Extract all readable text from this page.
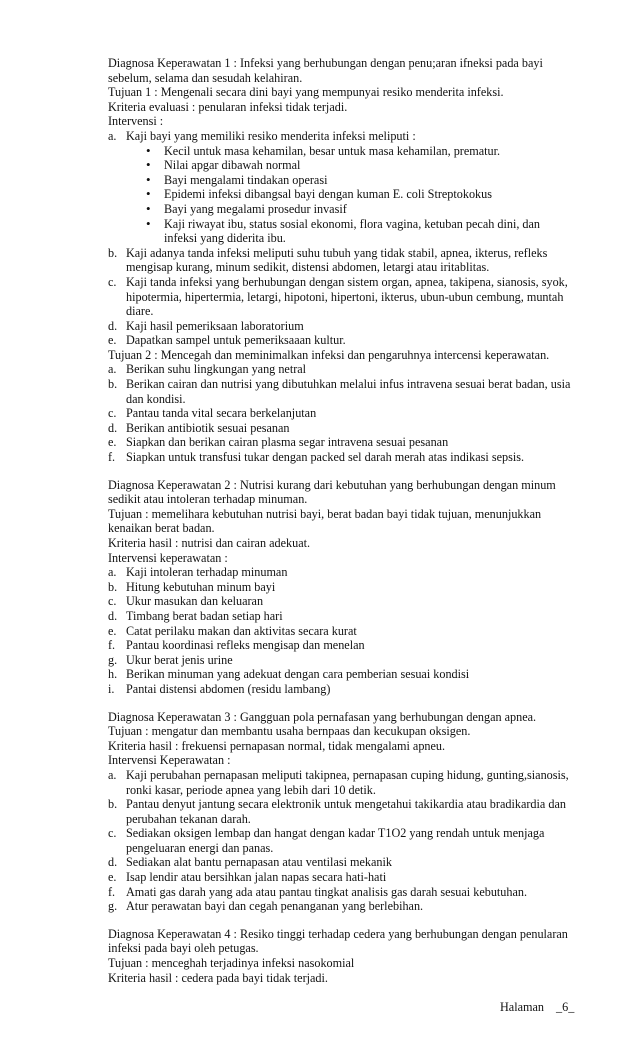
Diagnosa Keperawatan 1 : Infeksi yang berhubungan dengan penu;aran ifneksi pada bayi sebelum, selama dan sesudah kelahiran.

Tujuan 1 : Mengenali secara dini bayi yang mempunyai resiko menderita infeksi.

Kriteria evaluasi : penularan infeksi tidak terjadi.

Intervensi :

a. Kaji bayi yang memiliki resiko menderita infeksi meliputi :
• Kecil untuk masa kehamilan, besar untuk masa kehamilan, prematur.
• Nilai apgar dibawah normal
• Bayi mengalami tindakan operasi
• Epidemi infeksi dibangsal bayi dengan kuman E. coli Streptokokus
• Bayi yang megalami prosedur invasif
• Kaji riwayat ibu, status sosial ekonomi, flora vagina, ketuban pecah dini, dan infeksi yang diderita ibu.
b. Kaji adanya tanda infeksi meliputi suhu tubuh yang tidak stabil, apnea, ikterus, refleks mengisap kurang, minum sedikit, distensi abdomen, letargi atau iritablitas.
c. Kaji tanda infeksi yang berhubungan dengan sistem organ, apnea, takipena, sianosis, syok, hipotermia, hipertermia, letargi, hipotoni, hipertoni, ikterus, ubun-ubun cembung, muntah diare.
d. Kaji hasil pemeriksaan laboratorium
e. Dapatkan sampel untuk pemeriksaaan kultur.

Tujuan 2 : Mencegah dan meminimalkan infeksi dan pengaruhnya intercensi keperawatan.

a. Berikan suhu lingkungan yang netral
b. Berikan cairan dan nutrisi yang dibutuhkan melalui infus intravena sesuai berat badan, usia dan kondisi.
c. Pantau tanda vital secara berkelanjutan
d. Berikan antibiotik sesuai pesanan
e. Siapkan dan berikan cairan plasma segar intravena sesuai pesanan
f. Siapkan untuk transfusi tukar dengan packed sel darah merah atas indikasi sepsis.

Diagnosa Keperawatan 2 : Nutrisi kurang dari kebutuhan yang berhubungan dengan minum sedikit atau intoleran terhadap minuman.

Tujuan : memelihara kebutuhan nutrisi bayi, berat badan bayi tidak tujuan, menunjukkan kenaikan berat badan.

Kriteria hasil : nutrisi dan cairan adekuat.

Intervensi keperawatan :

a. Kaji intoleran terhadap minuman
b. Hitung kebutuhan minum bayi
c. Ukur masukan dan keluaran
d. Timbang berat badan setiap hari
e. Catat perilaku makan dan aktivitas secara kurat
f. Pantau koordinasi refleks mengisap dan menelan
g. Ukur berat jenis urine
h. Berikan minuman yang adekuat dengan cara pemberian sesuai kondisi
i. Pantai distensi abdomen (residu lambang)

Diagnosa Keperawatan 3 : Gangguan pola pernafasan yang berhubungan dengan apnea.

Tujuan : mengatur dan membantu usaha bernpaas dan kecukupan oksigen.

Kriteria hasil : frekuensi pernapasan normal, tidak mengalami apneu.

Intervensi Keperawatan :

a. Kaji perubahan pernapasan meliputi takipnea, pernapasan cuping hidung, gunting,sianosis, ronki kasar, periode apnea yang lebih dari 10 detik.
b. Pantau denyut jantung secara elektronik untuk mengetahui takikardia atau bradikardia dan perubahan tekanan darah.
c. Sediakan oksigen lembap dan hangat dengan kadar T1O2 yang rendah untuk menjaga pengeluaran energi dan panas.
d. Sediakan alat bantu pernapasan atau ventilasi mekanik
e. Isap lendir atau bersihkan jalan napas secara hati-hati
f. Amati gas darah yang ada atau pantau tingkat analisis gas darah sesuai kebutuhan.
g. Atur perawatan bayi dan cegah penanganan yang berlebihan.

Diagnosa Keperawatan 4 : Resiko tinggi terhadap cedera yang berhubungan dengan penularan infeksi pada bayi oleh petugas.

Tujuan : menceghah terjadinya infeksi nasokomial

Kriteria hasil : cedera pada bayi tidak terjadi.

Halaman _6_
